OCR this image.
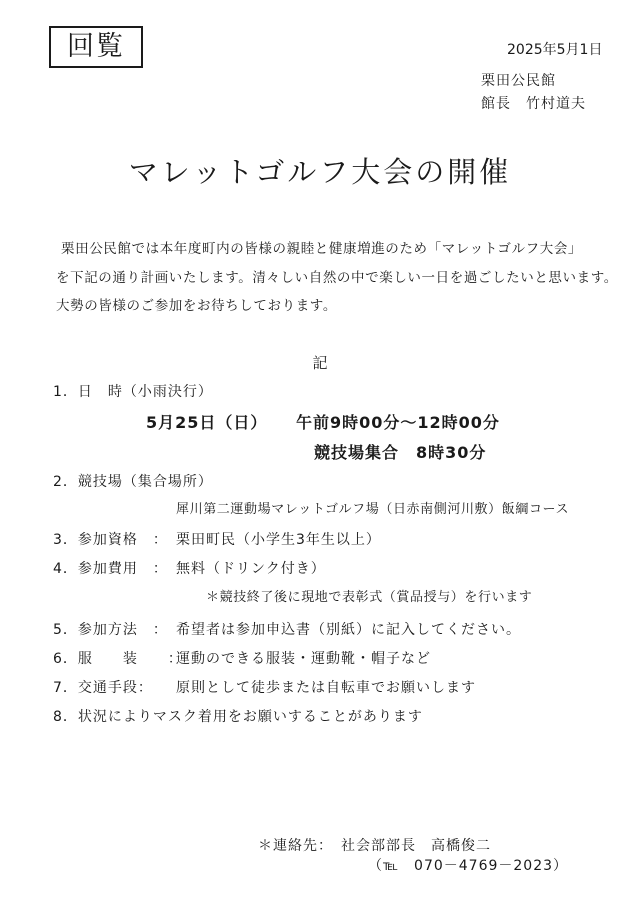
回覧	2025年5月1日
栗田公民館
館長　竹村道夫
マレットゴルフ大会の開催
栗田公民館では本年度町内の皆様の親睦と健康増進のため「マレットゴルフ大会」
を下記の通り計画いたします。清々しい自然の中で楽しい一日を過ごしたいと思います。
大勢の皆様のご参加をお待ちしております。
記
1．日　時（小雨決行）
5月25日（日） 午前9時00分～12時00分
競技場集合　8時30分
2．競技場（集合場所）
犀川第二運動場マレットゴルフ場（日赤南側河川敷）飯綱コース
3．参加資格　： 栗田町民（小学生3年生以上）
4．参加費用　： 無料（ドリンク付き）
＊競技終了後に現地で表彰式（賞品授与）を行います
5．参加方法　： 希望者は参加申込書（別紙）に記入してください。
6．服　　装　　：
運動のできる服装・運動靴・帽子など
7．交通手段： 原則として徒歩または自転車でお願いします
8．状況によりマスク着用をお願いすることがあります
＊連絡先：　社会部部長　高橋俊二
（℡　070－4769－2023）
